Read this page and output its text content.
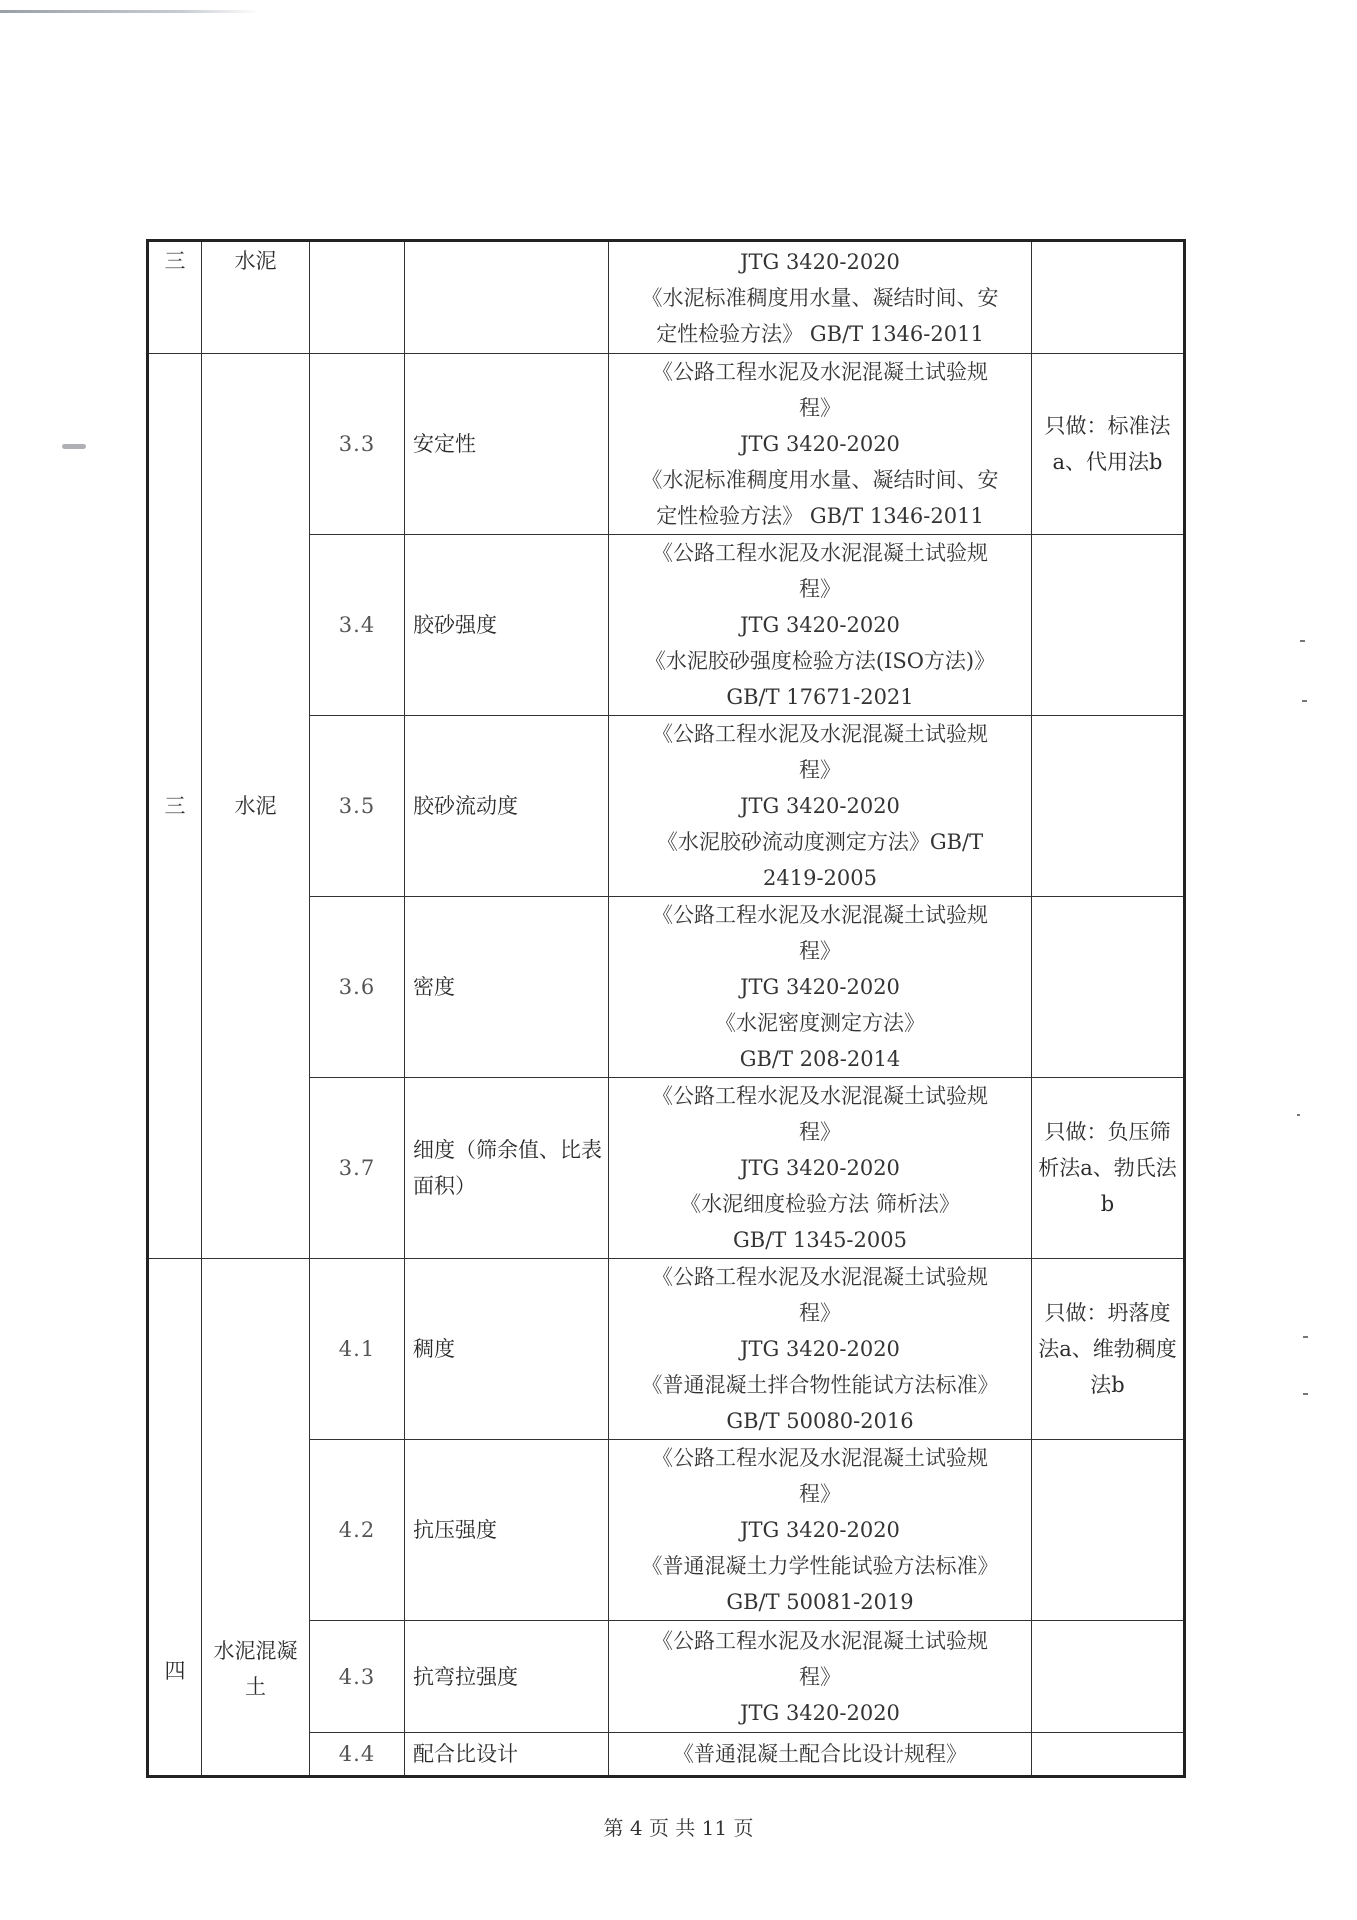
三	水泥			JTG 3420-2020
《水泥标准稠度用水量、凝结时间、安
定性检验方法》 GB/T 1346-2011	

三	水泥	3.3	安定性	《公路工程水泥及水泥混凝土试验规
程》
JTG 3420-2020
《水泥标准稠度用水量、凝结时间、安
定性检验方法》 GB/T 1346-2011	只做：标准法a、代用法b
		3.4	胶砂强度	《公路工程水泥及水泥混凝土试验规
程》
JTG 3420-2020
《水泥胶砂强度检验方法(ISO方法)》
GB/T 17671-2021	

		3.5	胶砂流动度	《公路工程水泥及水泥混凝土试验规
程》
JTG 3420-2020
《水泥胶砂流动度测定方法》GB/T
2419-2005	

		3.6	密度	《公路工程水泥及水泥混凝土试验规
程》
JTG 3420-2020
《水泥密度测定方法》
GB/T 208-2014	

		3.7	细度（筛余值、比表面积）	《公路工程水泥及水泥混凝土试验规
程》
JTG 3420-2020
《水泥细度检验方法 筛析法》
GB/T 1345-2005	只做：负压筛析法a、勃氏法b
四	水泥混凝土	4.1	稠度	《公路工程水泥及水泥混凝土试验规
程》
JTG 3420-2020
《普通混凝土拌合物性能试方法标准》
GB/T 50080-2016	只做：坍落度法a、维勃稠度法b
		4.2	抗压强度	《公路工程水泥及水泥混凝土试验规
程》
JTG 3420-2020
《普通混凝土力学性能试验方法标准》
GB/T 50081-2019	

		4.3	抗弯拉强度	《公路工程水泥及水泥混凝土试验规
程》
JTG 3420-2020	

		4.4	配合比设计	《普通混凝土配合比设计规程》	

第 4 页 共 11 页
